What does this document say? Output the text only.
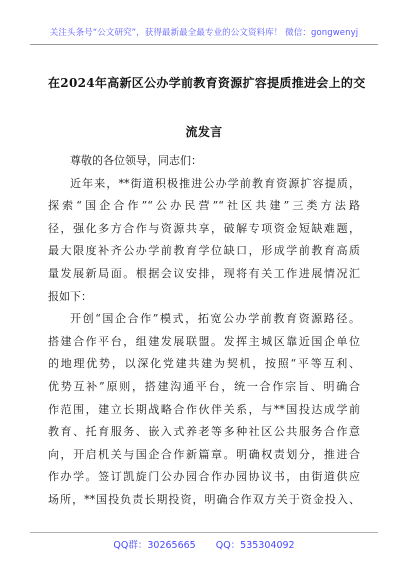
关注头条号“公文研究”，获得最新最全最专业的公文资料库！ 微信：gongwenyj
在2024年高新区公办学前教育资源扩容提质推进会上的交
流发言
尊敬的各位领导，同志们：
近年来，**街道积极推进公办学前教育资源扩容提质，
探索“国企合作”“公办民营”“社区共建”三类方法路
径，强化多方合作与资源共享，破解专项资金短缺难题，
最大限度补齐公办学前教育学位缺口，形成学前教育高质
量发展新局面。根据会议安排，现将有关工作进展情况汇
报如下：
开创“国企合作”模式，拓宽公办学前教育资源路径。
搭建合作平台，组建发展联盟。发挥主城区靠近国企单位
的地理优势，以深化党建共建为契机，按照“平等互利、
优势互补”原则，搭建沟通平台，统一合作宗旨、明确合
作范围，建立长期战略合作伙伴关系，与**国投达成学前
教育、托育服务、嵌入式养老等多种社区公共服务合作意
向，开启机关与国企合作新篇章。明确权责划分，推进合
作办学。签订凯旋门公办园合作办园协议书，由街道供应
场所，**国投负责长期投资，明确合作双方关于资金投入、
QQ群：30265665 QQ：535304092
